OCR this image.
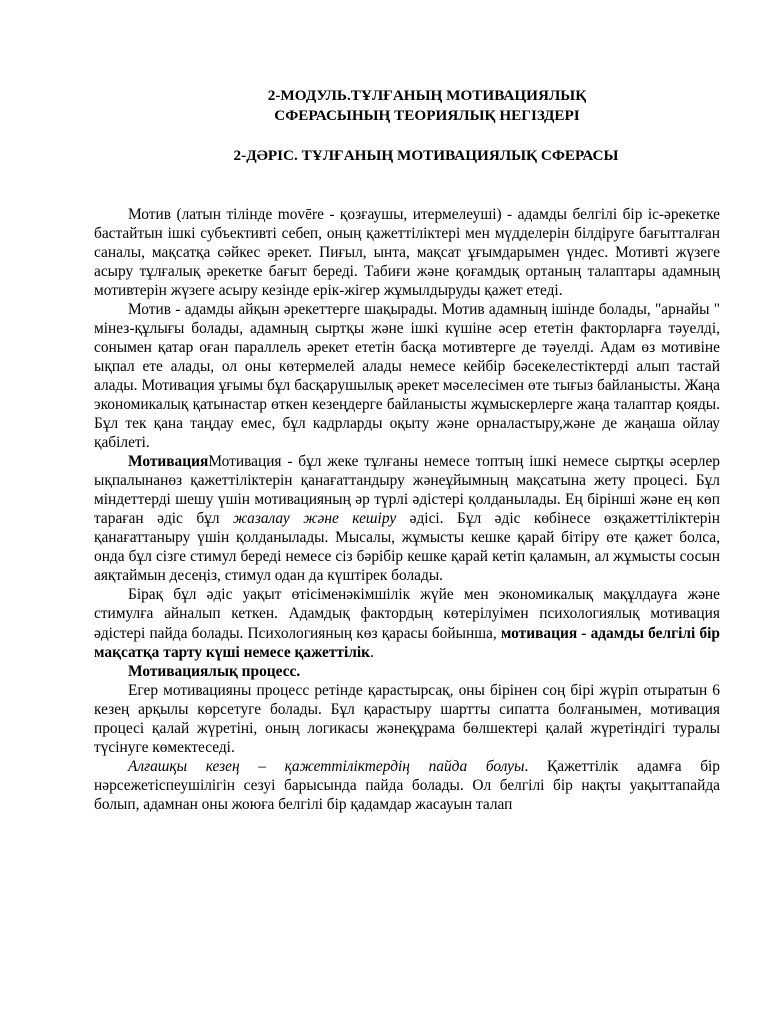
2-МОДУЛЬ.ТҰЛҒАНЫҢ МОТИВАЦИЯЛЫҚ
СФЕРАСЫНЫҢ ТЕОРИЯЛЫҚ НЕГІЗДЕРІ

2-ДӘРІС. ТҰЛҒАНЫҢ МОТИВАЦИЯЛЫҚ СФЕРАСЫ

Мотив (латын тілінде movēre - қозғаушы, итермелеуші) - адамды белгілі бір іс-әрекетке бастайтын ішкі субъективті себеп, оның қажеттіліктері мен мүдделерін білдіруге бағытталған саналы, мақсатқа сәйкес әрекет. Пиғыл, ынта, мақсат ұғымдарымен үндес. Мотивті жүзеге асыру тұлғалық әрекетке бағыт береді. Табиғи және қоғамдық ортаның талаптары адамның мотивтерін жүзеге асыру кезінде ерік-жігер жұмылдыруды қажет етеді.

Мотив - адамды айқын әрекеттерге шақырады. Мотив адамның ішінде болады, "арнайы " мінез-құлығы болады, адамның сыртқы және ішкі күшіне әсер ететін факторларға тәуелді, сонымен қатар оған параллель әрекет ететін басқа мотивтерге де тәуелді. Адам өз мотивіне ықпал ете алады, ол оны көтермелей алады немесе кейбір бәсекелестіктерді алып тастай алады. Мотивация ұғымы бұл басқарушылық әрекет мәселесімен өте тығыз байланысты. Жаңа экономикалық қатынастар өткен кезеңдерге байланысты жұмыскерлерге жаңа талаптар қояды. Бұл тек қана таңдау емес, бұл кадрларды оқыту және орналастыру,және де жаңаша ойлау қабілеті.

МотивацияМотивация - бұл жеке тұлғаны немесе топтың ішкі немесе сыртқы әсерлер ықпалынанөз қажеттіліктерін қанағаттандыру жәнеұйымның мақсатына жету процесі. Бұл міндеттерді шешу үшін мотивацияның әр түрлі әдістері қолданылады. Ең бірінші және ең көп тараған әдіс бұл жазалау және кешіру әдісі. Бұл әдіс көбінесе өзқажеттіліктерін қанағаттаныру үшін қолданылады. Мысалы, жұмысты кешке қарай бітіру өте қажет болса, онда бұл сізге стимул береді немесе сіз бәрібір кешке қарай кетіп қаламын, ал жұмысты сосын аяқтаймын десеңіз, стимул одан да күштірек болады.

Бірақ бұл әдіс уақыт өтісіменәкімшілік жүйе мен экономикалық мақұлдауға және стимулға айналып кеткен. Адамдық фактордың көтерілуімен психологиялық мотивация әдістері пайда болады. Психологияның көз қарасы бойынша, мотивация - адамды белгілі бір мақсатқа тарту күші немесе қажеттілік.

Мотивациялық процесс.

Егер мотивацияны процесс ретінде қарастырсақ, оны бірінен соң бірі жүріп отыратын 6 кезең арқылы көрсетуге болады. Бұл қарастыру шартты сипатта болғанымен, мотивация процесі қалай жүретіні, оның логикасы жәнеқұрама бөлшектері қалай жүретіндігі туралы түсінуге көмектеседі.

Алғашқы кезең – қажеттіліктердің пайда болуы. Қажеттілік адамға бір нәрсежетіспеушілігін сезуі барысында пайда болады. Ол белгілі бір нақты уақыттапайда болып, адамнан оны жоюға белгілі бір қадамдар жасауын талап
